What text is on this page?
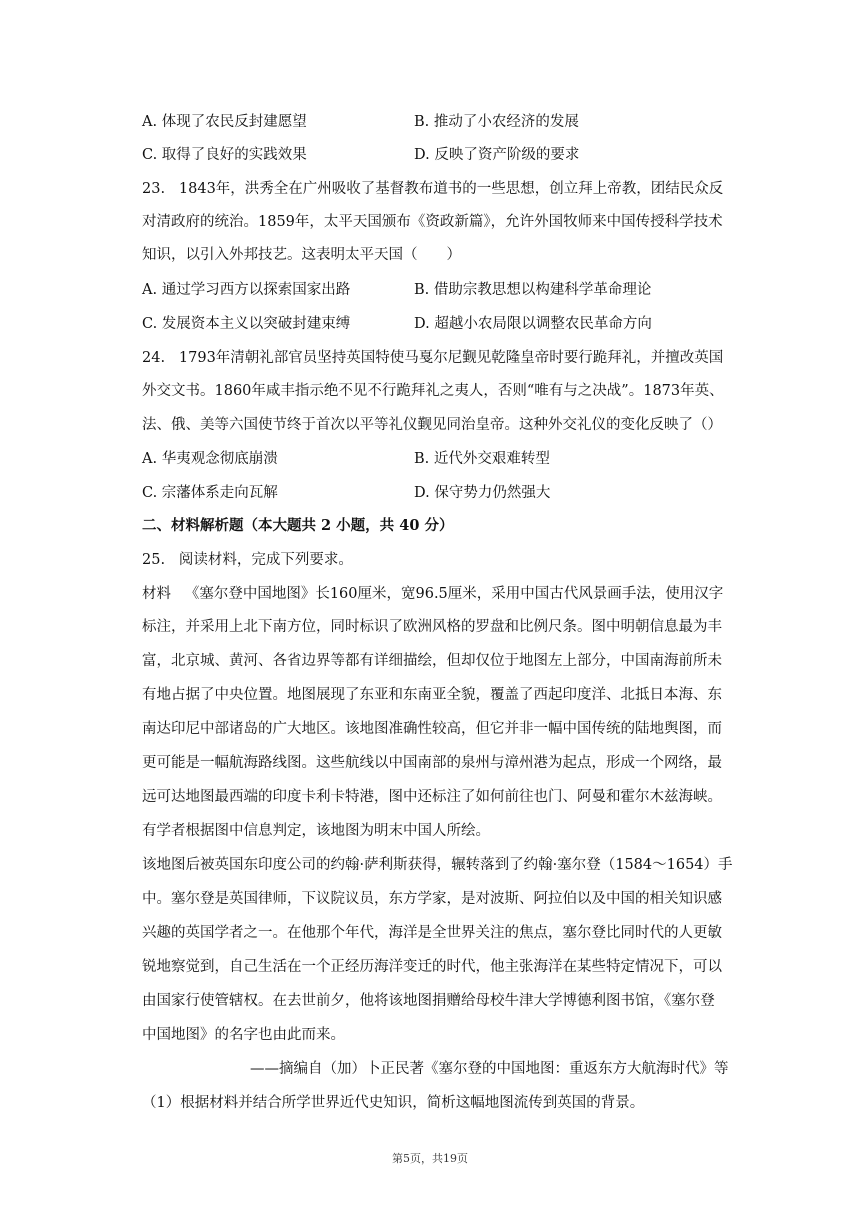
A. 体现了农民反封建愿望	B. 推动了小农经济的发展
C. 取得了良好的实践效果	D. 反映了资产阶级的要求
23.   1843年，洪秀全在广州吸收了基督教布道书的一些思想，创立拜上帝教，团结民众反
对清政府的统治。1859年，太平天国颁布《资政新篇》，允许外国牧师来中国传授科学技术
知识，以引入外邦技艺。这表明太平天国（　　）
A. 通过学习西方以探索国家出路	B. 借助宗教思想以构建科学革命理论
C. 发展资本主义以突破封建束缚	D. 超越小农局限以调整农民革命方向
24.   1793年清朝礼部官员坚持英国特使马戛尔尼觐见乾隆皇帝时要行跪拜礼，并擅改英国
外交文书。1860年咸丰指示绝不见不行跪拜礼之夷人，否则“唯有与之决战”。1873年英、
法、俄、美等六国使节终于首次以平等礼仪觐见同治皇帝。这种外交礼仪的变化反映了（）
A. 华夷观念彻底崩溃	B. 近代外交艰难转型
C. 宗藩体系走向瓦解	D. 保守势力仍然强大
二、材料解析题（本大题共 2 小题，共 40 分）
25.   阅读材料，完成下列要求。
材料   《塞尔登中国地图》长160厘米，宽96.5厘米，采用中国古代风景画手法，使用汉字
标注，并采用上北下南方位，同时标识了欧洲风格的罗盘和比例尺条。图中明朝信息最为丰
富，北京城、黄河、各省边界等都有详细描绘，但却仅位于地图左上部分，中国南海前所未
有地占据了中央位置。地图展现了东亚和东南亚全貌，覆盖了西起印度洋、北抵日本海、东
南达印尼中部诸岛的广大地区。该地图准确性较高，但它并非一幅中国传统的陆地舆图，而
更可能是一幅航海路线图。这些航线以中国南部的泉州与漳州港为起点，形成一个网络，最
远可达地图最西端的印度卡利卡特港，图中还标注了如何前往也门、阿曼和霍尔木兹海峡。
有学者根据图中信息判定，该地图为明末中国人所绘。
该地图后被英国东印度公司的约翰·萨利斯获得，辗转落到了约翰·塞尔登（1584～1654）手
中。塞尔登是英国律师，下议院议员，东方学家，是对波斯、阿拉伯以及中国的相关知识感
兴趣的英国学者之一。在他那个年代，海洋是全世界关注的焦点，塞尔登比同时代的人更敏
锐地察觉到，自己生活在一个正经历海洋变迁的时代，他主张海洋在某些特定情况下，可以
由国家行使管辖权。在去世前夕，他将该地图捐赠给母校牛津大学博德利图书馆，《塞尔登
中国地图》的名字也由此而来。
——摘编自（加）卜正民著《塞尔登的中国地图：重返东方大航海时代》等
（1）根据材料并结合所学世界近代史知识，简析这幅地图流传到英国的背景。
第5页，共19页
